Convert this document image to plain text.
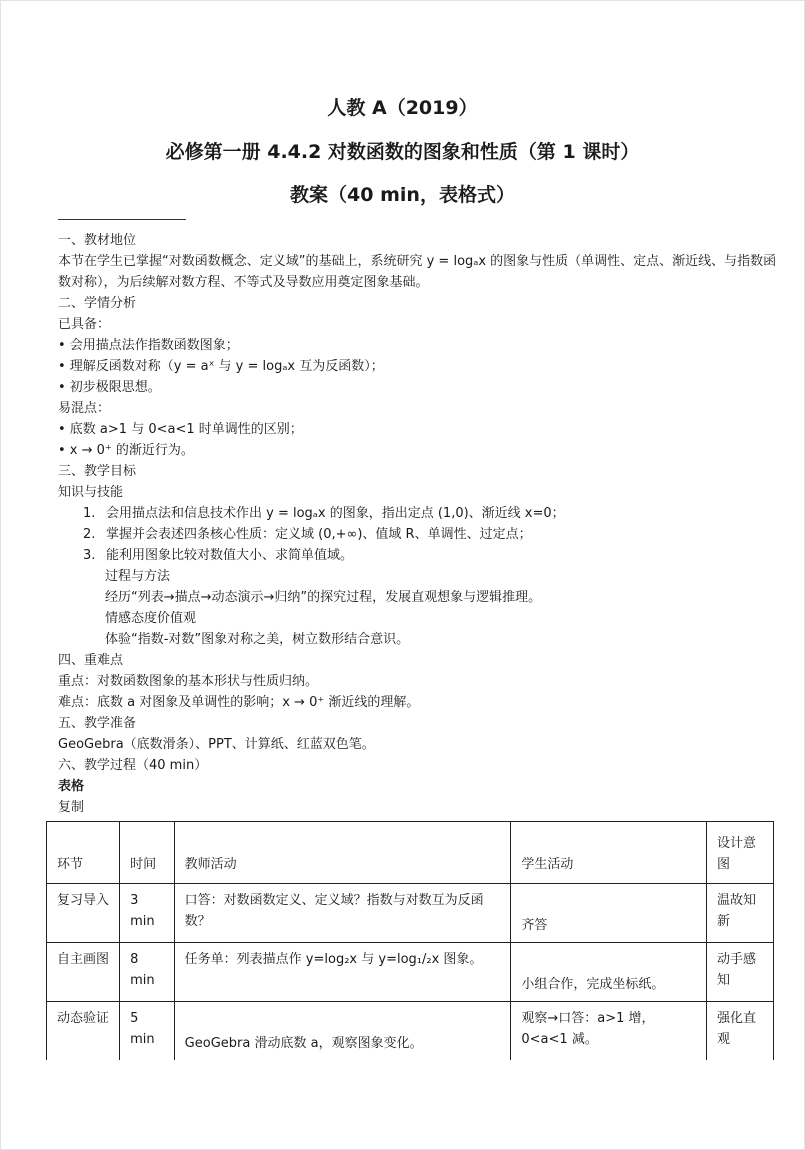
人教 A（2019）
必修第一册 4.4.2 对数函数的图象和性质（第 1 课时）
教案（40 min，表格式）

一、教材地位

本节在学生已掌握“对数函数概念、定义域”的基础上，系统研究 y = logₐx 的图象与性质（单调性、定点、渐近线、与指数函数对称），为后续解对数方程、不等式及导数应用奠定图象基础。

二、学情分析

已具备：

• 会用描点法作指数函数图象；

• 理解反函数对称（y = aˣ 与 y = logₐx 互为反函数）；

• 初步极限思想。

易混点：

• 底数 a>1 与 0<a<1 时单调性的区别；

• x → 0⁺ 的渐近行为。

三、教学目标

知识与技能

1. 会用描点法和信息技术作出 y = logₐx 的图象，指出定点 (1,0)、渐近线 x=0；

2. 掌握并会表述四条核心性质：定义域 (0,+∞)、值域 R、单调性、过定点；

3. 能利用图象比较对数值大小、求简单值域。

过程与方法

经历“列表→描点→动态演示→归纳”的探究过程，发展直观想象与逻辑推理。

情感态度价值观

体验“指数-对数”图象对称之美，树立数形结合意识。

四、重难点

重点：对数函数图象的基本形状与性质归纳。

难点：底数 a 对图象及单调性的影响；x → 0⁺ 渐近线的理解。

五、教学准备

GeoGebra（底数滑条）、PPT、计算纸、红蓝双色笔。

六、教学过程（40 min）

表格

复制

环节	时间	教师活动	学生活动	设计意图
复习导入	3 min	口答：对数函数定义、定义域？指数与对数互为反函数？	齐答	温故知新
自主画图	8 min	任务单：列表描点作 y=log₂x 与 y=log₁/₂x 图象。	小组合作，完成坐标纸。	动手感知
动态验证	5 min	GeoGebra 滑动底数 a，观察图象变化。	观察→口答：a>1 增，0<a<1 减。	强化直观
